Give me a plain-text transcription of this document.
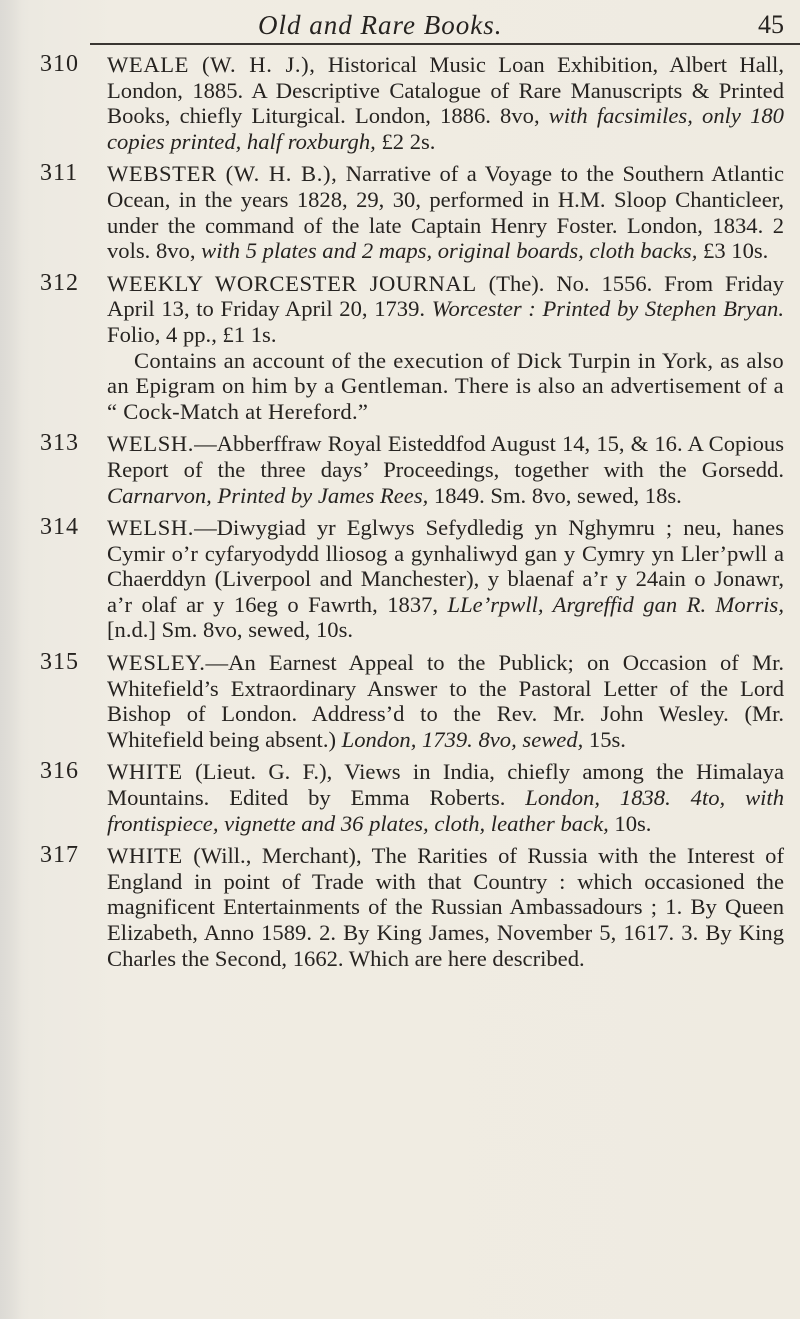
Old and Rare Books.	45
310 WEALE (W. H. J.), Historical Music Loan Exhibition, Albert Hall, London, 1885. A Descriptive Catalogue of Rare Manuscripts & Printed Books, chiefly Liturgical. London, 1886. 8vo, with facsimiles, only 180 copies printed, half roxburgh, £2 2s.
311 WEBSTER (W. H. B.), Narrative of a Voyage to the Southern Atlantic Ocean, in the years 1828, 29, 30, performed in H.M. Sloop Chanticleer, under the command of the late Captain Henry Foster. London, 1834. 2 vols. 8vo, with 5 plates and 2 maps, original boards, cloth backs, £3 10s.
312 WEEKLY WORCESTER JOURNAL (The). No. 1556. From Friday April 13, to Friday April 20, 1739. Worcester : Printed by Stephen Bryan. Folio, 4 pp., £1 1s.
Contains an account of the execution of Dick Turpin in York, as also an Epigram on him by a Gentleman. There is also an advertisement of a “ Cock-Match at Hereford.”
313 WELSH.—Abberffraw Royal Eisteddfod August 14, 15, & 16. A Copious Report of the three days’ Proceedings, together with the Gorsedd. Carnarvon, Printed by James Rees, 1849. Sm. 8vo, sewed, 18s.
314 WELSH.—Diwygiad yr Eglwys Sefydledig yn Nghymru ; neu, hanes Cymir o’r cyfaryodydd lliosog a gynhaliwyd gan y Cymry yn Ller’pwll a Chaerddyn (Liverpool and Manchester), y blaenaf a’r y 24ain o Jonawr, a’r olaf ar y 16eg o Fawrth, 1837, LLe’rpwll, Argreffid gan R. Morris, [n.d.] Sm. 8vo, sewed, 10s.
315 WESLEY.—An Earnest Appeal to the Publick; on Occasion of Mr. Whitefield’s Extraordinary Answer to the Pastoral Letter of the Lord Bishop of London. Address’d to the Rev. Mr. John Wesley. (Mr. Whitefield being absent.) London, 1739. 8vo, sewed, 15s.
316 WHITE (Lieut. G. F.), Views in India, chiefly among the Himalaya Mountains. Edited by Emma Roberts. London, 1838. 4to, with frontispiece, vignette and 36 plates, cloth, leather back, 10s.
317 WHITE (Will., Merchant), The Rarities of Russia with the Interest of England in point of Trade with that Country : which occasioned the magnificent Entertainments of the Russian Ambassadours ; 1. By Queen Elizabeth, Anno 1589. 2. By King James, November 5, 1617. 3. By King Charles the Second, 1662. Which are here described.
